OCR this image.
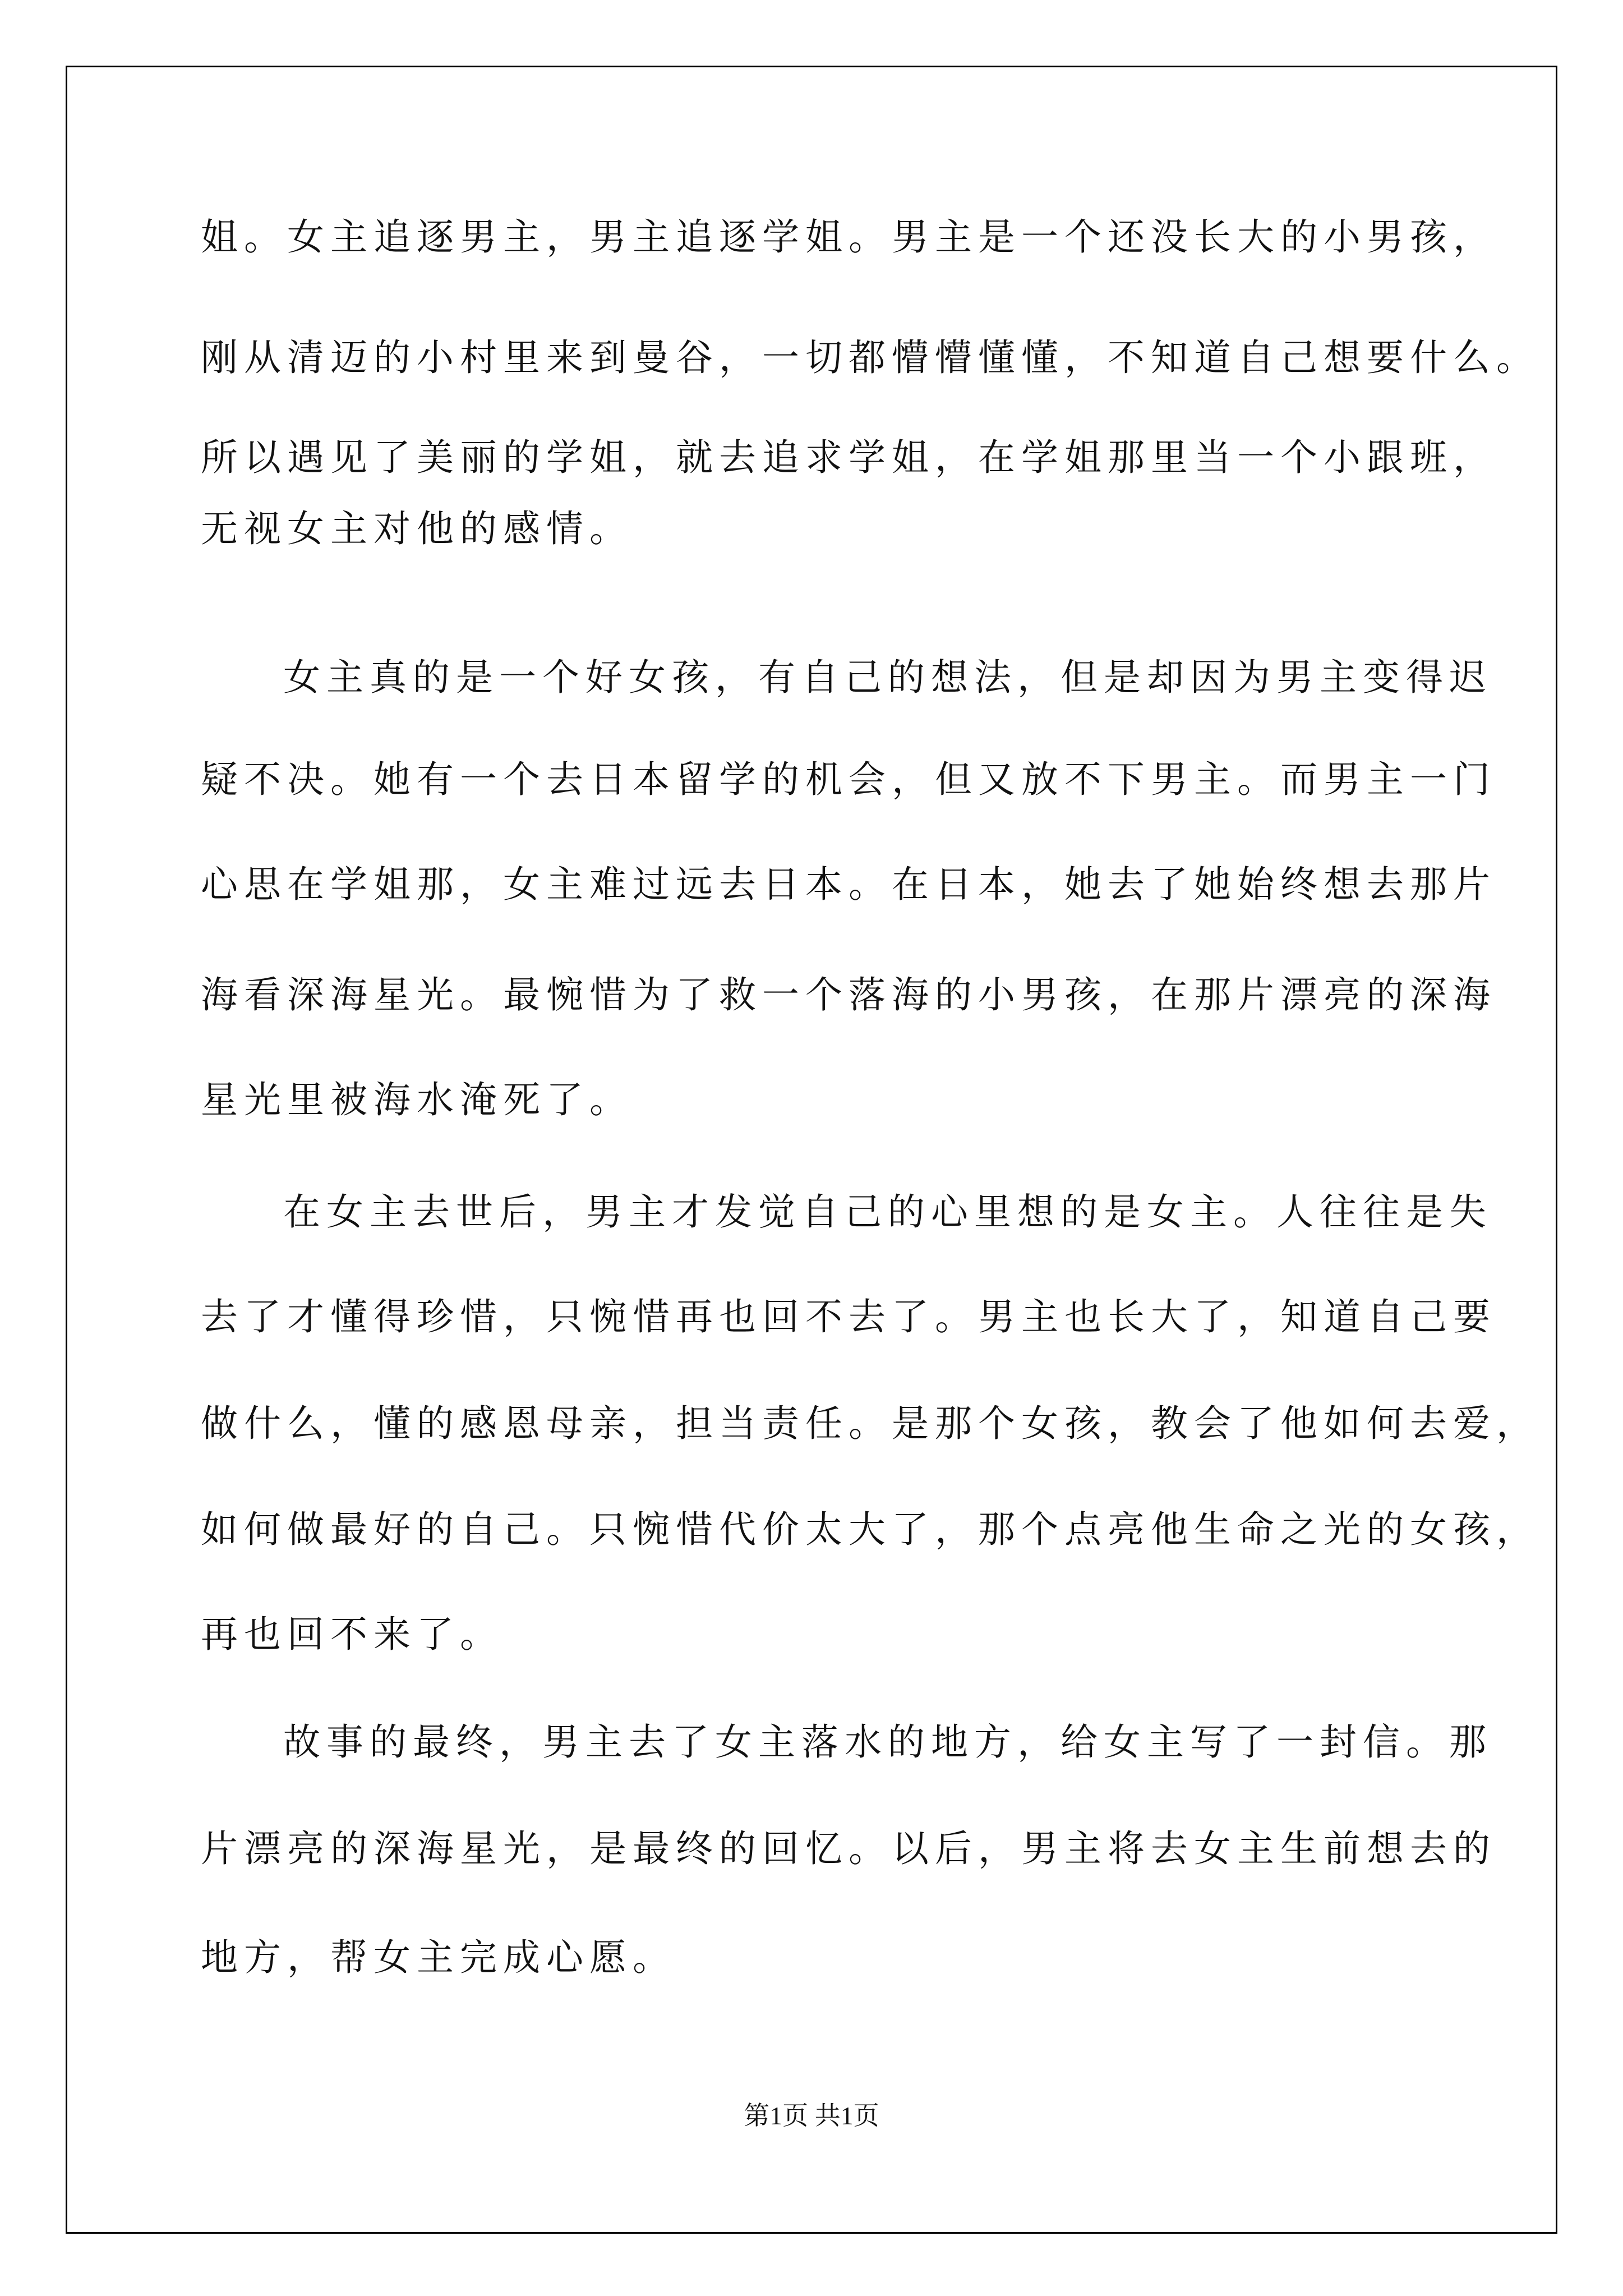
姐。女主追逐男主，男主追逐学姐。男主是一个还没长大的小男孩，

刚从清迈的小村里来到曼谷，一切都懵懵懂懂，不知道自己想要什么。

所以遇见了美丽的学姐，就去追求学姐，在学姐那里当一个小跟班，

无视女主对他的感情。

女主真的是一个好女孩，有自己的想法，但是却因为男主变得迟

疑不决。她有一个去日本留学的机会，但又放不下男主。而男主一门

心思在学姐那，女主难过远去日本。在日本，她去了她始终想去那片

海看深海星光。最惋惜为了救一个落海的小男孩，在那片漂亮的深海

星光里被海水淹死了。

在女主去世后，男主才发觉自己的心里想的是女主。人往往是失

去了才懂得珍惜，只惋惜再也回不去了。男主也长大了，知道自己要

做什么，懂的感恩母亲，担当责任。是那个女孩，教会了他如何去爱，

如何做最好的自己。只惋惜代价太大了，那个点亮他生命之光的女孩，

再也回不来了。

故事的最终，男主去了女主落水的地方，给女主写了一封信。那

片漂亮的深海星光，是最终的回忆。以后，男主将去女主生前想去的

地方，帮女主完成心愿。

第1页 共1页
